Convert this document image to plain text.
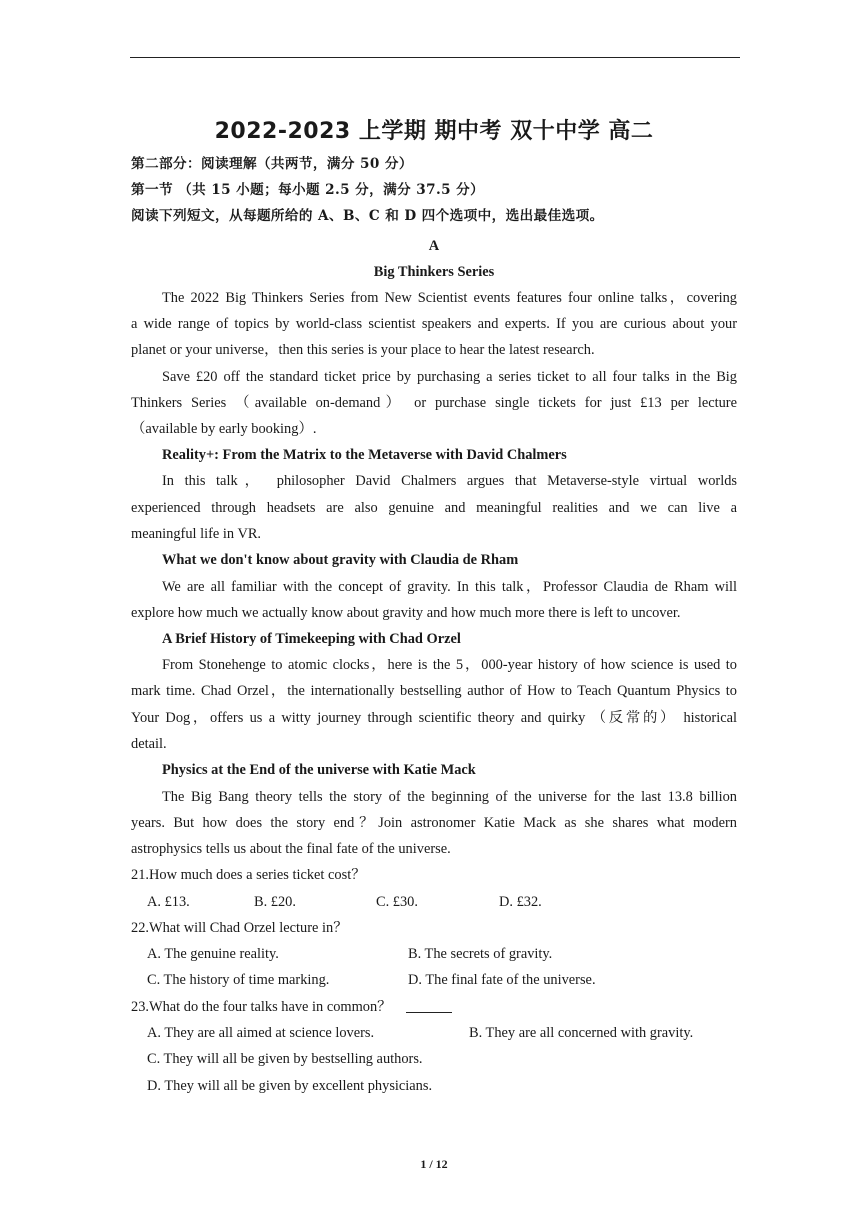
2022-2023 上学期 期中考 双十中学 高二
第二部分：阅读理解（共两节，满分 50 分）
第一节 （共 15 小题；每小题 2.5 分，满分 37.5 分）
阅读下列短文，从每题所给的 A、B、C 和 D 四个选项中，选出最佳选项。
A
Big Thinkers Series
The 2022 Big Thinkers Series from New Scientist events features four online talks，covering
a wide range of topics by world-class scientist speakers and experts. If you are curious about your
planet or your universe，then this series is your place to hear the latest research.
Save £20 off the standard ticket price by purchasing a series ticket to all four talks in the Big
Thinkers Series （available on-demand） or purchase single tickets for just £13 per lecture
（available by early booking）.
Reality+: From the Matrix to the Metaverse with David Chalmers
In this talk， philosopher David Chalmers argues that Metaverse-style virtual worlds
experienced through headsets are also genuine and meaningful realities and we can live a
meaningful life in VR.
What we don't know about gravity with Claudia de Rham
We are all familiar with the concept of gravity. In this talk，Professor Claudia de Rham will
explore how much we actually know about gravity and how much more there is left to uncover.
A Brief History of Timekeeping with Chad Orzel
From Stonehenge to atomic clocks，here is the 5，000-year history of how science is used to
mark time. Chad Orzel，the internationally bestselling author of How to Teach Quantum Physics to
Your Dog，offers us a witty journey through scientific theory and quirky （反常的） historical
detail.
Physics at the End of the universe with Katie Mack
The Big Bang theory tells the story of the beginning of the universe for the last 13.8 billion
years. But how does the story end？Join astronomer Katie Mack as she shares what modern
astrophysics tells us about the final fate of the universe.
21.How much does a series ticket cost？
A. £13.	B. £20.	C. £30.	D. £32.
22.What will Chad Orzel lecture in？
A. The genuine reality.	B. The secrets of gravity.
C. The history of time marking.	D. The final fate of the universe.
23.What do the four talks have in common？
A. They are all aimed at science lovers.	B. They are all concerned with gravity.
C. They will all be given by bestselling authors.
D. They will all be given by excellent physicians.
1 / 12
